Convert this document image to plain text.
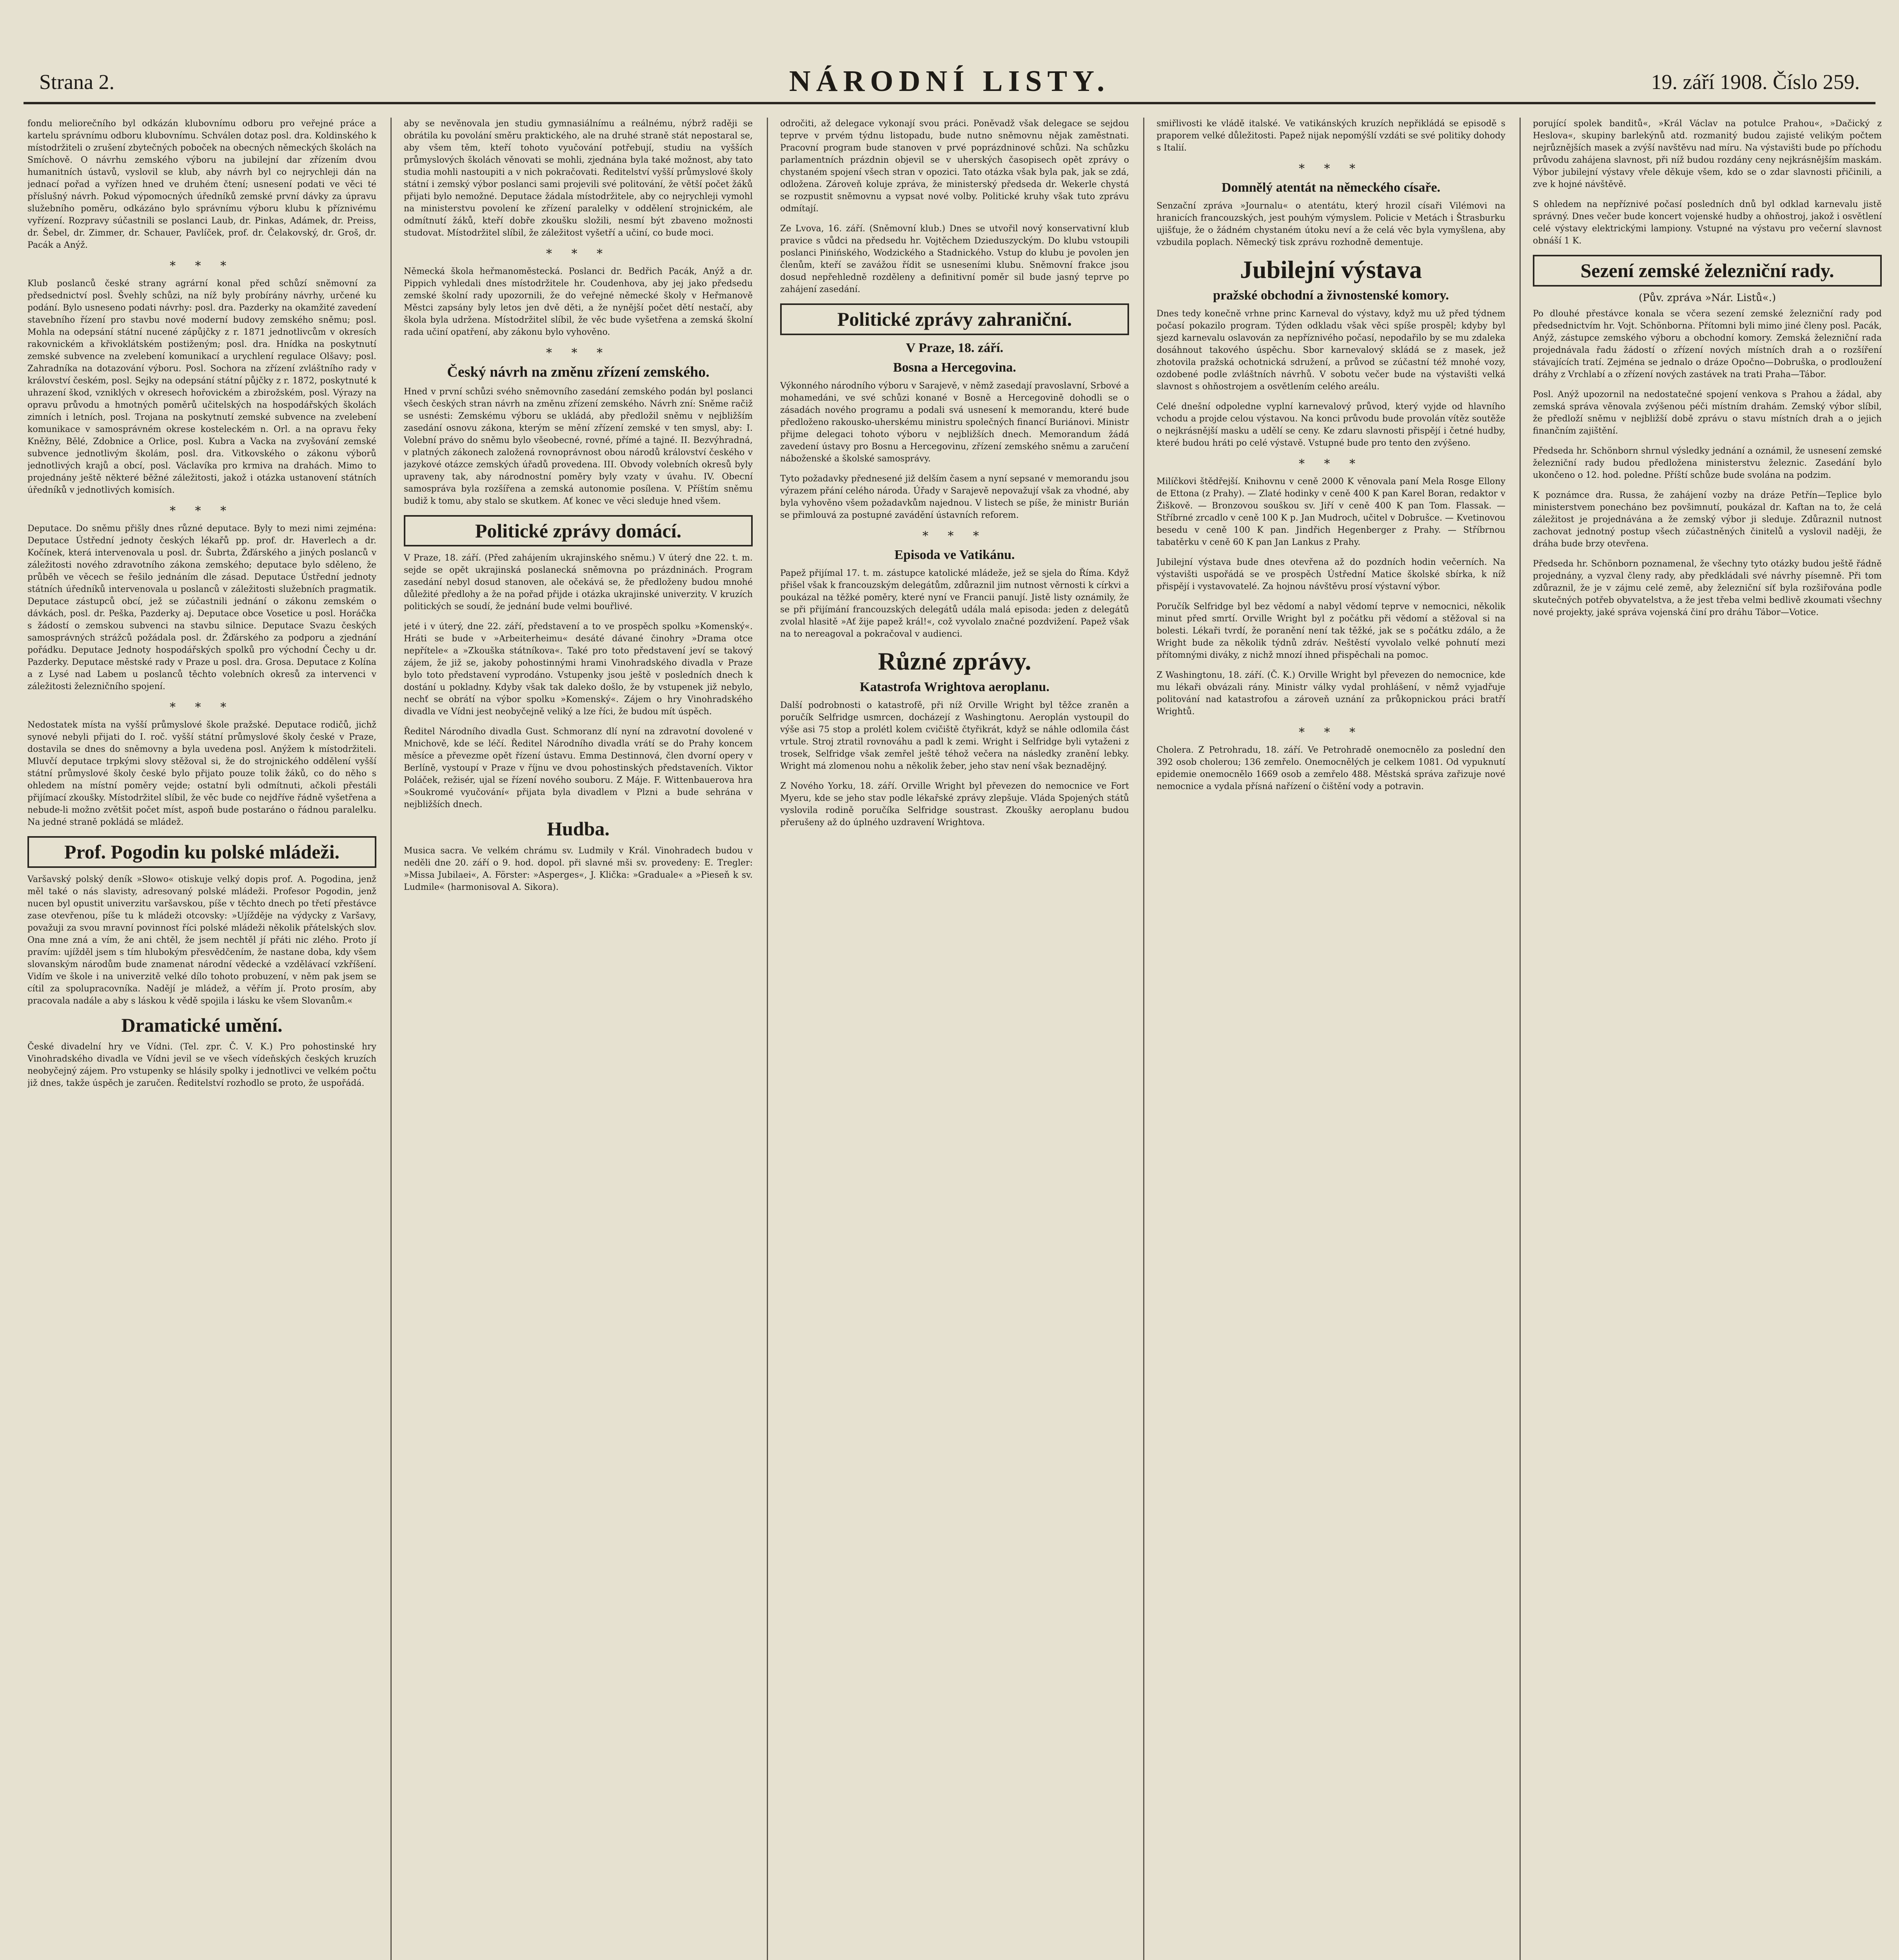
Strana 2.	NÁRODNÍ LISTY.	19. září 1908. Číslo 259.

fondu meliorečního byl odkázán klubovnímu odboru pro veřejné práce a kartelu správnímu odboru klubovnímu. Schválen dotaz posl. dra. Koldinského k místodržiteli o zrušení zbytečných poboček na obecných německých školách na Smíchově. O návrhu zemského výboru na jubilejní dar zřízením dvou humanitních ústavů, vyslovil se klub, aby návrh byl co nejrychleji dán na jednací pořad a vyřízen hned ve druhém čtení; usnesení podati ve věci té příslušný návrh. Pokud výpomocných úředníků zemské první dávky za úpravu služebního poměru, odkázáno bylo správnímu výboru klubu k příznivému vyřízení. Rozpravy súčastnili se poslanci Laub, dr. Pinkas, Adámek, dr. Preiss, dr. Šebel, dr. Zimmer, dr. Schauer, Pavlíček, prof. dr. Čelakovský, dr. Groš, dr. Pacák a Anýž.

* * *

Klub poslanců české strany agrární konal před schůzí sněmovní za předsednictví posl. Švehly schůzi, na níž byly probírány návrhy, určené ku podání. Bylo usneseno podati návrhy: posl. dra. Pazderky na okamžité zavedení stavebního řízení pro stavbu nové moderní budovy zemského sněmu; posl. Mohla na odepsání státní nucené zápůjčky z r. 1871 jednotlivcům v okresích rakovnickém a křivoklátském postiženým; posl. dra. Hnídka na poskytnutí zemské subvence na zvelebení komunikací a urychlení regulace Olšavy; posl. Zahradníka na dotazování výboru. Posl. Sochora na zřízení zvláštního rady v království českém, posl. Sejky na odepsání státní půjčky z r. 1872, poskytnuté k uhrazení škod, vzniklých v okresech hořovickém a zbirožském, posl. Výrazy na opravu průvodu a hmotných poměrů učitelských na hospodářských školách zimních i letních, posl. Trojana na poskytnutí zemské subvence na zvelebení komunikace v samosprávném okrese kosteleckém n. Orl. a na opravu řeky Kněžny, Bělé, Zdobnice a Orlice, posl. Kubra a Vacka na zvyšování zemské subvence jednotlivým školám, posl. dra. Vitkovského o zákonu výborů jednotlivých krajů a obcí, posl. Václavíka pro krmiva na drahách. Mimo to projednány ještě některé běžné záležitosti, jakož i otázka ustanovení státních úředníků v jednotlivých komisích.

* * *

Deputace. Do sněmu přišly dnes různé deputace. Byly to mezi nimi zejména: Deputace Ústřední jednoty českých lékařů pp. prof. dr. Haverlech a dr. Kočínek, která intervenovala u posl. dr. Šubrta, Žďárského a jiných poslanců v záležitosti nového zdravotního zákona zemského; deputace bylo sděleno, že průběh ve věcech se řešilo jednáním dle zásad. Deputace Ústřední jednoty státních úředníků intervenovala u poslanců v záležitosti služebních pragmatik. Deputace zástupců obcí, jež se zúčastnili jednání o zákonu zemském o dávkách, posl. dr. Peška, Pazderky aj. Deputace obce Vosetice u posl. Horáčka s žádostí o zemskou subvenci na stavbu silnice. Deputace Svazu českých samosprávných strážců požádala posl. dr. Žďárského za podporu a zjednání pořádku. Deputace Jednoty hospodářských spolků pro východní Čechy u dr. Pazderky. Deputace městské rady v Praze u posl. dra. Grosa. Deputace z Kolína a z Lysé nad Labem u poslanců těchto volebních okresů za intervenci v záležitosti železničního spojení.

* * *

Nedostatek místa na vyšší průmyslové škole pražské. Deputace rodičů, jichž synové nebyli přijati do I. roč. vyšší státní průmyslové školy české v Praze, dostavila se dnes do sněmovny a byla uvedena posl. Anýžem k místodržiteli. Mluvčí deputace trpkými slovy stěžoval si, že do strojnického oddělení vyšší státní průmyslové školy české bylo přijato pouze tolik žáků, co do něho s ohledem na místní poměry vejde; ostatní byli odmítnuti, ačkoli přestáli přijímací zkoušky. Místodržitel slíbil, že věc bude co nejdříve řádně vyšetřena a nebude-li možno zvětšit počet míst, aspoň bude postaráno o řádnou paralelku. Na jedné straně pokládá se mládež.

Prof. Pogodin ku polské mládeži.

Varšavský polský deník »Słowo« otiskuje velký dopis prof. A. Pogodina, jenž měl také o nás slavisty, adresovaný polské mládeži. Profesor Pogodin, jenž nucen byl opustit univerzitu varšavskou, píše v těchto dnech po třetí přestávce zase otevřenou, píše tu k mládeži otcovsky: »Ujížděje na výdycky z Varšavy, považuji za svou mravní povinnost říci polské mládeži několik přátelských slov. Ona mne zná a vím, že ani chtěl, že jsem nechtěl jí přáti nic zlého. Proto jí pravím: ujížděl jsem s tím hlubokým přesvědčením, že nastane doba, kdy všem slovanským národům bude znamenat národní vědecké a vzdělávací vzkříšení. Vidím ve škole i na univerzitě velké dílo tohoto probuzení, v něm pak jsem se cítil za spolupracovníka. Nadějí je mládež, a věřím jí. Proto prosím, aby pracovala nadále a aby s láskou k vědě spojila i lásku ke všem Slovanům.«

Dramatické umění.

České divadelní hry ve Vídni. (Tel. zpr. Č. V. K.) Pro pohostinské hry Vinohradského divadla ve Vídni jevil se ve všech vídeňských českých kruzích neobyčejný zájem. Pro vstupenky se hlásily spolky i jednotlivci ve velkém počtu již dnes, takže úspěch je zaručen. Ředitelství rozhodlo se proto, že uspořádá.

aby se nevěnovala jen studiu gymnasiálnímu a reálnému, nýbrž raději se obrátila ku povolání směru praktického, ale na druhé straně stát nepostaral se, aby všem těm, kteří tohoto vyučování potřebují, studiu na vyšších průmyslových školách věnovati se mohli, zjednána byla také možnost, aby tato studia mohli nastoupiti a v nich pokračovati. Ředitelství vyšší průmyslové školy státní i zemský výbor poslanci sami projevili své politování, že větší počet žáků přijati bylo nemožné. Deputace žádala místodržitele, aby co nejrychleji vymohl na ministerstvu povolení ke zřízení paralelky v oddělení strojnickém, ale odmítnutí žáků, kteří dobře zkoušku složili, nesmí být zbaveno možnosti studovat. Místodržitel slíbil, že záležitost vyšetří a učiní, co bude moci.

* * *

Německá škola heřmanoměstecká. Poslanci dr. Bedřich Pacák, Anýž a dr. Pippich vyhledali dnes místodržitele hr. Coudenhova, aby jej jako předsedu zemské školní rady upozornili, že do veřejné německé školy v Heřmanově Městci zapsány byly letos jen dvě děti, a že nynější počet dětí nestačí, aby škola byla udržena. Místodržitel slíbil, že věc bude vyšetřena a zemská školní rada učiní opatření, aby zákonu bylo vyhověno.

* * *
Český návrh na změnu zřízení zemského.

Hned v první schůzi svého sněmovního zasedání zemského podán byl poslanci všech českých stran návrh na změnu zřízení zemského. Návrh zní: Sněme račiž se usnésti: Zemskému výboru se ukládá, aby předložil sněmu v nejbližším zasedání osnovu zákona, kterým se mění zřízení zemské v ten smysl, aby: I. Volební právo do sněmu bylo všeobecné, rovné, přímé a tajné. II. Bezvýhradná, v platných zákonech založená rovnoprávnost obou národů království českého v jazykové otázce zemských úřadů provedena. III. Obvody volebních okresů byly upraveny tak, aby národnostní poměry byly vzaty v úvahu. IV. Obecní samospráva byla rozšířena a zemská autonomie posílena. V. Příštím sněmu budiž k tomu, aby stalo se skutkem. Ať konec ve věci sleduje hned všem.

Politické zprávy domácí.

V Praze, 18. září. (Před zahájením ukrajinského sněmu.) V úterý dne 22. t. m. sejde se opět ukrajinská poslanecká sněmovna po prázdninách. Program zasedání nebyl dosud stanoven, ale očekává se, že předloženy budou mnohé důležité předlohy a že na pořad přijde i otázka ukrajinské univerzity. V kruzích politických se soudí, že jednání bude velmi bouřlivé.

jeté i v úterý, dne 22. září, představení a to ve prospěch spolku »Komenský«. Hráti se bude v »Arbeiterheimu« desáté dávané činohry »Drama otce nepřítele« a »Zkouška státníkova«. Také pro toto představení jeví se takový zájem, že již se, jakoby pohostinnými hrami Vinohradského divadla v Praze bylo toto představení vyprodáno. Vstupenky jsou ještě v posledních dnech k dostání u pokladny. Kdyby však tak daleko došlo, že by vstupenek již nebylo, nechť se obrátí na výbor spolku »Komenský«. Zájem o hry Vinohradského divadla ve Vídni jest neobyčejně veliký a lze říci, že budou mít úspěch.

Ředitel Národního divadla Gust. Schmoranz dlí nyní na zdravotní dovolené v Mnichově, kde se léčí. Ředitel Národního divadla vrátí se do Prahy koncem měsíce a převezme opět řízení ústavu. Emma Destinnová, člen dvorní opery v Berlíně, vystoupí v Praze v říjnu ve dvou pohostinských představeních. Viktor Poláček, režisér, ujal se řízení nového souboru. Z Máje. F. Wittenbauerova hra »Soukromé vyučování« přijata byla divadlem v Plzni a bude sehrána v nejbližších dnech.

Hudba.

Musica sacra. Ve velkém chrámu sv. Ludmily v Král. Vinohradech budou v neděli dne 20. září o 9. hod. dopol. při slavné mši sv. provedeny: E. Tregler: »Missa Jubilaei«, A. Förster: »Asperges«, J. Klička: »Graduale« a »Pieseň k sv. Ludmile« (harmonisoval A. Sikora).

odročiti, až delegace vykonají svou práci. Poněvadž však delegace se sejdou teprve v prvém týdnu listopadu, bude nutno sněmovnu nějak zaměstnati. Pracovní program bude stanoven v prvé poprázdninové schůzi. Na schůzku parlamentních prázdnin objevil se v uherských časopisech opět zprávy o chystaném spojení všech stran v opozici. Tato otázka však byla pak, jak se zdá, odložena. Zároveň koluje zpráva, že ministerský předseda dr. Wekerle chystá se rozpustit sněmovnu a vypsat nové volby. Politické kruhy však tuto zprávu odmítají.

Ze Lvova, 16. září. (Sněmovní klub.) Dnes se utvořil nový konservativní klub pravice s vůdci na předsedu hr. Vojtěchem Dzieduszyckým. Do klubu vstoupili poslanci Pinińského, Wodzického a Stadnického. Vstup do klubu je povolen jen členům, kteří se zavážou řídit se usneseními klubu. Sněmovní frakce jsou dosud nepřehledně rozděleny a definitivní poměr sil bude jasný teprve po zahájení zasedání.

Politické zprávy zahraniční.
V Praze, 18. září.
Bosna a Hercegovina.

Výkonného národního výboru v Sarajevě, v němž zasedají pravoslavní, Srbové a mohamedáni, ve své schůzi konané v Bosně a Hercegovině dohodli se o zásadách nového programu a podali svá usnesení k memorandu, které bude předloženo rakousko-uherskému ministru společných financí Buriánovi. Ministr přijme delegaci tohoto výboru v nejbližších dnech. Memorandum žádá zavedení ústavy pro Bosnu a Hercegovinu, zřízení zemského sněmu a zaručení náboženské a školské samosprávy.

Tyto požadavky přednesené již delším časem a nyní sepsané v memorandu jsou výrazem přání celého národa. Úřady v Sarajevě nepovažují však za vhodné, aby byla vyhověno všem požadavkům najednou. V listech se píše, že ministr Burián se přimlouvá za postupné zavádění ústavních reforem.

* * *
Episoda ve Vatikánu.

Papež přijímal 17. t. m. zástupce katolické mládeže, jež se sjela do Říma. Když přišel však k francouzským delegátům, zdůraznil jim nutnost věrnosti k církvi a poukázal na těžké poměry, které nyní ve Francii panují. Jistě listy oznámily, že se při přijímání francouzských delegátů udála malá episoda: jeden z delegátů zvolal hlasitě »Ať žije papež král!«, což vyvolalo značné pozdvižení. Papež však na to nereagoval a pokračoval v audienci.

Různé zprávy.
Katastrofa Wrightova aeroplanu.

Další podrobnosti o katastrofě, při níž Orville Wright byl těžce zraněn a poručík Selfridge usmrcen, docházejí z Washingtonu. Aeroplán vystoupil do výše asi 75 stop a prolétl kolem cvičiště čtyřikrát, když se náhle odlomila část vrtule. Stroj ztratil rovnováhu a padl k zemi. Wright i Selfridge byli vytaženi z trosek, Selfridge však zemřel ještě téhož večera na následky zranění lebky. Wright má zlomenou nohu a několik žeber, jeho stav není však beznadějný.

Z Nového Yorku, 18. září. Orville Wright byl převezen do nemocnice ve Fort Myeru, kde se jeho stav podle lékařské zprávy zlepšuje. Vláda Spojených států vyslovila rodině poručíka Selfridge soustrast. Zkoušky aeroplanu budou přerušeny až do úplného uzdravení Wrightova.

smiřlivosti ke vládě italské. Ve vatikánských kruzích nepřikládá se episodě s praporem velké důležitosti. Papež nijak nepomýšlí vzdáti se své politiky dohody s Italií.

* * *
Domnělý atentát na německého císaře.

Senzační zpráva »Journalu« o atentátu, který hrozil císaři Vilémovi na hranicích francouzských, jest pouhým výmyslem. Policie v Metách i Štrasburku ujišťuje, že o žádném chystaném útoku neví a že celá věc byla vymyšlena, aby vzbudila poplach. Německý tisk zprávu rozhodně dementuje.

Jubilejní výstava
pražské obchodní a živnostenské komory.

Dnes tedy konečně vrhne princ Karneval do výstavy, když mu už před týdnem počasí pokazilo program. Týden odkladu však věci spíše prospěl; kdyby byl sjezd karnevalu oslavován za nepříznivého počasí, nepodařilo by se mu zdaleka dosáhnout takového úspěchu. Sbor karnevalový skládá se z masek, jež zhotovila pražská ochotnická sdružení, a průvod se zúčastní též mnohé vozy, ozdobené podle zvláštních návrhů. V sobotu večer bude na výstavišti velká slavnost s ohňostrojem a osvětlením celého areálu.

Celé dnešní odpoledne vyplní karnevalový průvod, který vyjde od hlavního vchodu a projde celou výstavou. Na konci průvodu bude provolán vítěz soutěže o nejkrásnější masku a udělí se ceny. Ke zdaru slavnosti přispějí i četné hudby, které budou hráti po celé výstavě. Vstupné bude pro tento den zvýšeno.

* * *

Milíčkovi štědřejší. Knihovnu v ceně 2000 K věnovala paní Mela Rosge Ellony de Ettona (z Prahy). — Zlaté hodinky v ceně 400 K pan Karel Boran, redaktor v Žiškově. — Bronzovou souškou sv. Jiří v ceně 400 K pan Tom. Flassak. — Stříbrné zrcadlo v ceně 100 K p. Jan Mudroch, učitel v Dobrušce. — Kvetinovou besedu v ceně 100 K pan. Jindřich Hegenberger z Prahy. — Stříbrnou tabatěrku v ceně 60 K pan Jan Lankus z Prahy.

Jubilejní výstava bude dnes otevřena až do pozdních hodin večerních. Na výstavišti uspořádá se ve prospěch Ústřední Matice školské sbírka, k níž přispějí i vystavovatelé. Za hojnou návštěvu prosí výstavní výbor.

Poručík Selfridge byl bez vědomí a nabyl vědomí teprve v nemocnici, několik minut před smrtí. Orville Wright byl z počátku při vědomí a stěžoval si na bolesti. Lékaři tvrdí, že poranění není tak těžké, jak se s počátku zdálo, a že Wright bude za několik týdnů zdráv. Neštěstí vyvolalo velké pohnutí mezi přítomnými diváky, z nichž mnozí ihned přispěchali na pomoc.

Z Washingtonu, 18. září. (Č. K.) Orville Wright byl převezen do nemocnice, kde mu lékaři obvázali rány. Ministr války vydal prohlášení, v němž vyjadřuje politování nad katastrofou a zároveň uznání za průkopnickou práci bratří Wrightů.

* * *

Cholera. Z Petrohradu, 18. září. Ve Petrohradě onemocnělo za poslední den 392 osob cholerou; 136 zemřelo. Onemocnělých je celkem 1081. Od vypuknutí epidemie onemocnělo 1669 osob a zemřelo 488. Městská správa zařizuje nové nemocnice a vydala přísná nařízení o čištění vody a potravin.

porující spolek banditů«, »Král Václav na potulce Prahou«, »Dačický z Heslova«, skupiny barlekýnů atd. rozmanitý budou zajisté velikým počtem nejrůznějších masek a zvýší navštěvu nad míru. Na výstavišti bude po příchodu průvodu zahájena slavnost, při níž budou rozdány ceny nejkrásnějším maskám. Výbor jubilejní výstavy vřele děkuje všem, kdo se o zdar slavnosti přičinili, a zve k hojné návštěvě.

S ohledem na nepříznivé počasí posledních dnů byl odklad karnevalu jistě správný. Dnes večer bude koncert vojenské hudby a ohňostroj, jakož i osvětlení celé výstavy elektrickými lampiony. Vstupné na výstavu pro večerní slavnost obnáší 1 K.

Sezení zemské železniční rady.
(Pův. zpráva »Nár. Listů«.)

Po dlouhé přestávce konala se včera sezení zemské železniční rady pod předsednictvím hr. Vojt. Schönborna. Přítomni byli mimo jiné členy posl. Pacák, Anýž, zástupce zemského výboru a obchodní komory. Zemská železniční rada projednávala řadu žádostí o zřízení nových místních drah a o rozšíření stávajících tratí. Zejména se jednalo o dráze Opočno—Dobruška, o prodloužení dráhy z Vrchlabí a o zřízení nových zastávek na trati Praha—Tábor.

Posl. Anýž upozornil na nedostatečné spojení venkova s Prahou a žádal, aby zemská správa věnovala zvýšenou péči místním drahám. Zemský výbor slíbil, že předloží sněmu v nejbližší době zprávu o stavu místních drah a o jejich finančním zajištění.

Předseda hr. Schönborn shrnul výsledky jednání a oznámil, že usnesení zemské železniční rady budou předložena ministerstvu železnic. Zasedání bylo ukončeno o 12. hod. poledne. Příští schůze bude svolána na podzim.

K poznámce dra. Russa, že zahájení vozby na dráze Petřín—Teplice bylo ministerstvem ponecháno bez povšimnutí, poukázal dr. Kaftan na to, že celá záležitost je projednávána a že zemský výbor ji sleduje. Zdůraznil nutnost zachovat jednotný postup všech zúčastněných činitelů a vyslovil naději, že dráha bude brzy otevřena.

Předseda hr. Schönborn poznamenal, že všechny tyto otázky budou ještě řádně projednány, a vyzval členy rady, aby předkládali své návrhy písemně. Při tom zdůraznil, že je v zájmu celé země, aby železniční síť byla rozšiřována podle skutečných potřeb obyvatelstva, a že jest třeba velmi bedlivě zkoumati všechny nové projekty, jaké správa vojenská činí pro dráhu Tábor—Votice.
